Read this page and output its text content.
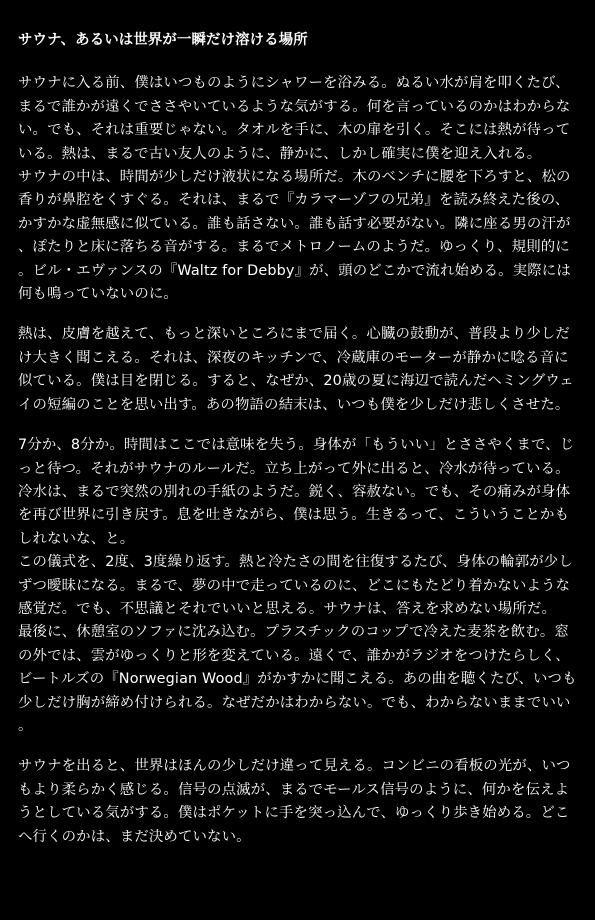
サウナ、あるいは世界が一瞬だけ溶ける場所

サウナに入る前、僕はいつものようにシャワーを浴みる。ぬるい水が肩を叩くたび、まるで誰かが遠くでささやいているような気がする。何を言っているのかはわからない。でも、それは重要じゃない。タオルを手に、木の扉を引く。そこには熱が待っている。熱は、まるで古い友人のように、静かに、しかし確実に僕を迎え入れる。

サウナの中は、時間が少しだけ液状になる場所だ。木のベンチに腰を下ろすと、松の香りが鼻腔をくすぐる。それは、まるで『カラマーゾフの兄弟』を読み終えた後の、かすかな虚無感に似ている。誰も話さない。誰も話す必要がない。隣に座る男の汗が、ぽたりと床に落ちる音がする。まるでメトロノームのようだ。ゆっくり、規則的に。ビル・エヴァンスの『Waltz for Debby』が、頭のどこかで流れ始める。実際には何も鳴っていないのに。

熱は、皮膚を越えて、もっと深いところにまで届く。心臓の鼓動が、普段より少しだけ大きく聞こえる。それは、深夜のキッチンで、冷蔵庫のモーターが静かに唸る音に似ている。僕は目を閉じる。すると、なぜか、20歳の夏に海辺で読んだヘミングウェイの短編のことを思い出す。あの物語の結末は、いつも僕を少しだけ悲しくさせた。

7分か、8分か。時間はここでは意味を失う。身体が「もういい」とささやくまで、じっと待つ。それがサウナのルールだ。立ち上がって外に出ると、冷水が待っている。冷水は、まるで突然の別れの手紙のようだ。鋭く、容赦ない。でも、その痛みが身体を再び世界に引き戻す。息を吐きながら、僕は思う。生きるって、こういうことかもしれないな、と。

この儀式を、2度、3度繰り返す。熱と冷たさの間を往復するたび、身体の輪郭が少しずつ曖昧になる。まるで、夢の中で走っているのに、どこにもたどり着かないような感覚だ。でも、不思議とそれでいいと思える。サウナは、答えを求めない場所だ。

最後に、休憩室のソファに沈み込む。プラスチックのコップで冷えた麦茶を飲む。窓の外では、雲がゆっくりと形を変えている。遠くで、誰かがラジオをつけたらしく、ビートルズの『Norwegian Wood』がかすかに聞こえる。あの曲を聴くたび、いつも少しだけ胸が締め付けられる。なぜだかはわからない。でも、わからないままでいい。

サウナを出ると、世界はほんの少しだけ違って見える。コンビニの看板の光が、いつもより柔らかく感じる。信号の点滅が、まるでモールス信号のように、何かを伝えようとしている気がする。僕はポケットに手を突っ込んで、ゆっくり歩き始める。どこへ行くのかは、まだ決めていない。
